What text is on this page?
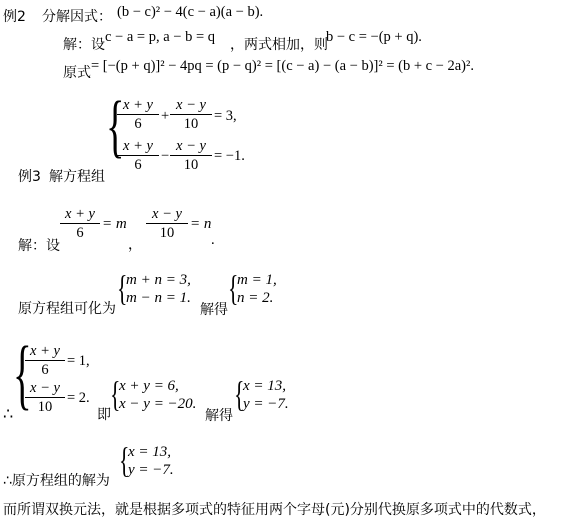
例2 分解因式： (b − c)² − 4(c − a)(a − b).
解：设 c − a = p, a − b = q ，两式相加，则
b − c = −(p + q).
原式 = [−(p + q)]² − 4pq = (p − q)² = [(c − a) − (a − b)]² = (b + c − 2a)².
{
x + y
6	+
x − y
10	= 3,
x + y
6
−
x − y
10
= −1.
例3 解方程组
解：设
x + y
6
= m
，
x − y
10
= n
.
原方程组可化为
{
m + n = 3,
m − n = 1.
解得
{
m = 1,
n = 2.
{
x + y
6
= 1,
x − y
10
= 2.
∴	即
{
x + y = 6,
x − y = −20.
解得
{
x = 13,
y = −7.
∴原方程组的解为
{
x = 13,
y = −7.
而所谓双换元法，就是根据多项式的特征用两个字母(元)分别代换原多项式中的代数式，
